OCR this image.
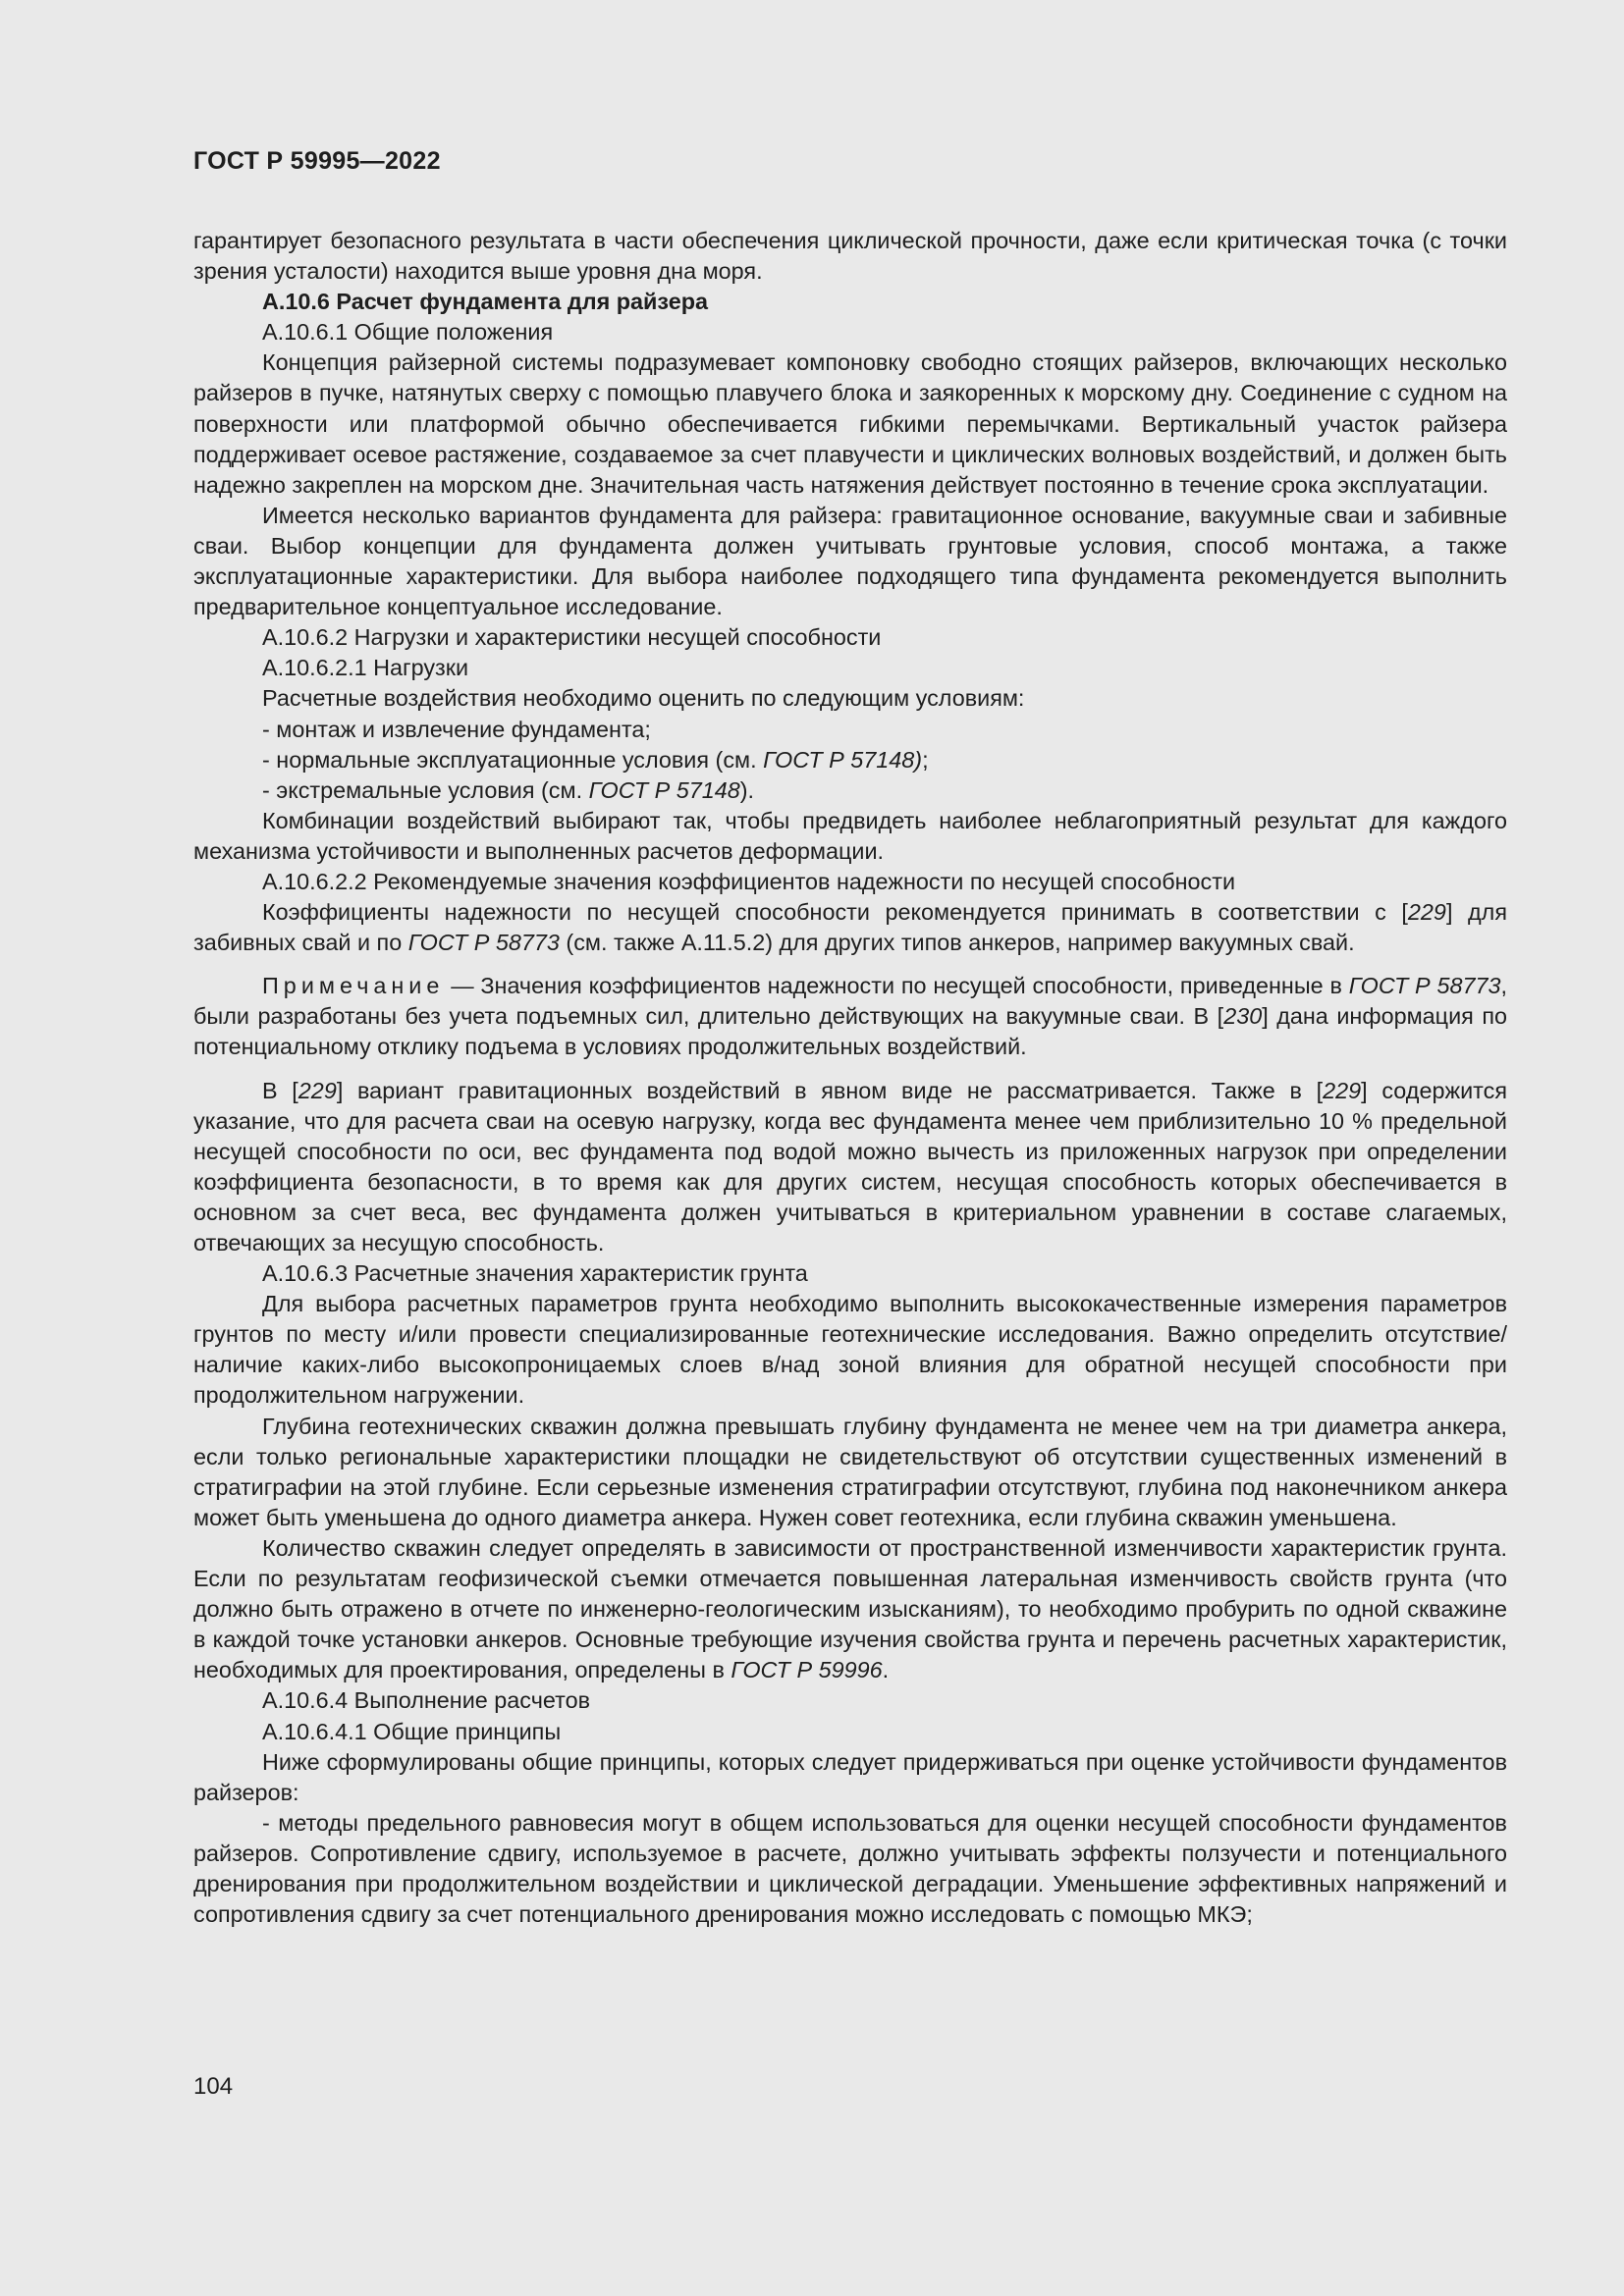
ГОСТ Р 59995—2022

гарантирует безопасного результата в части обеспечения циклической прочности, даже если критическая точка (с точки зрения усталости) находится выше уровня дна моря.

А.10.6 Расчет фундамента для райзера

А.10.6.1 Общие положения

Концепция райзерной системы подразумевает компоновку свободно стоящих райзеров, включающих несколько райзеров в пучке, натянутых сверху с помощью плавучего блока и заякоренных к морскому дну. Соединение с судном на поверхности или платформой обычно обеспечивается гибкими перемычками. Вертикальный участок райзера поддерживает осевое растяжение, создаваемое за счет плавучести и циклических волновых воздействий, и должен быть надежно закреплен на морском дне. Значительная часть натяжения действует постоянно в течение срока эксплуатации.

Имеется несколько вариантов фундамента для райзера: гравитационное основание, вакуумные сваи и забивные сваи. Выбор концепции для фундамента должен учитывать грунтовые условия, способ монтажа, а также эксплуатационные характеристики. Для выбора наиболее подходящего типа фундамента рекомендуется выполнить предварительное концептуальное исследование.

А.10.6.2 Нагрузки и характеристики несущей способности

А.10.6.2.1 Нагрузки

Расчетные воздействия необходимо оценить по следующим условиям:

- монтаж и извлечение фундамента;

- нормальные эксплуатационные условия (см. ГОСТ Р 57148);

- экстремальные условия (см. ГОСТ Р 57148).

Комбинации воздействий выбирают так, чтобы предвидеть наиболее неблагоприятный результат для каждого механизма устойчивости и выполненных расчетов деформации.

А.10.6.2.2 Рекомендуемые значения коэффициентов надежности по несущей способности

Коэффициенты надежности по несущей способности рекомендуется принимать в соответствии с [229] для забивных свай и по ГОСТ Р 58773 (см. также А.11.5.2) для других типов анкеров, например вакуумных свай.

Примечание — Значения коэффициентов надежности по несущей способности, приведенные в ГОСТ Р 58773, были разработаны без учета подъемных сил, длительно действующих на вакуумные сваи. В [230] дана информация по потенциальному отклику подъема в условиях продолжительных воздействий.

В [229] вариант гравитационных воздействий в явном виде не рассматривается. Также в [229] содержится указание, что для расчета сваи на осевую нагрузку, когда вес фундамента менее чем приблизительно 10 % предельной несущей способности по оси, вес фундамента под водой можно вычесть из приложенных нагрузок при определении коэффициента безопасности, в то время как для других систем, несущая способность которых обеспечивается в основном за счет веса, вес фундамента должен учитываться в критериальном уравнении в составе слагаемых, отвечающих за несущую способность.

А.10.6.3 Расчетные значения характеристик грунта

Для выбора расчетных параметров грунта необходимо выполнить высококачественные измерения параметров грунтов по месту и/или провести специализированные геотехнические исследования. Важно определить отсутствие/наличие каких-либо высокопроницаемых слоев в/над зоной влияния для обратной несущей способности при продолжительном нагружении.

Глубина геотехнических скважин должна превышать глубину фундамента не менее чем на три диаметра анкера, если только региональные характеристики площадки не свидетельствуют об отсутствии существенных изменений в стратиграфии на этой глубине. Если серьезные изменения стратиграфии отсутствуют, глубина под наконечником анкера может быть уменьшена до одного диаметра анкера. Нужен совет геотехника, если глубина скважин уменьшена.

Количество скважин следует определять в зависимости от пространственной изменчивости характеристик грунта. Если по результатам геофизической съемки отмечается повышенная латеральная изменчивость свойств грунта (что должно быть отражено в отчете по инженерно-геологическим изысканиям), то необходимо пробурить по одной скважине в каждой точке установки анкеров. Основные требующие изучения свойства грунта и перечень расчетных характеристик, необходимых для проектирования, определены в ГОСТ Р 59996.

А.10.6.4 Выполнение расчетов

А.10.6.4.1 Общие принципы

Ниже сформулированы общие принципы, которых следует придерживаться при оценке устойчивости фундаментов райзеров:

- методы предельного равновесия могут в общем использоваться для оценки несущей способности фундаментов райзеров. Сопротивление сдвигу, используемое в расчете, должно учитывать эффекты ползучести и потенциального дренирования при продолжительном воздействии и циклической деградации. Уменьшение эффективных напряжений и сопротивления сдвигу за счет потенциального дренирования можно исследовать с помощью МКЭ;

104
